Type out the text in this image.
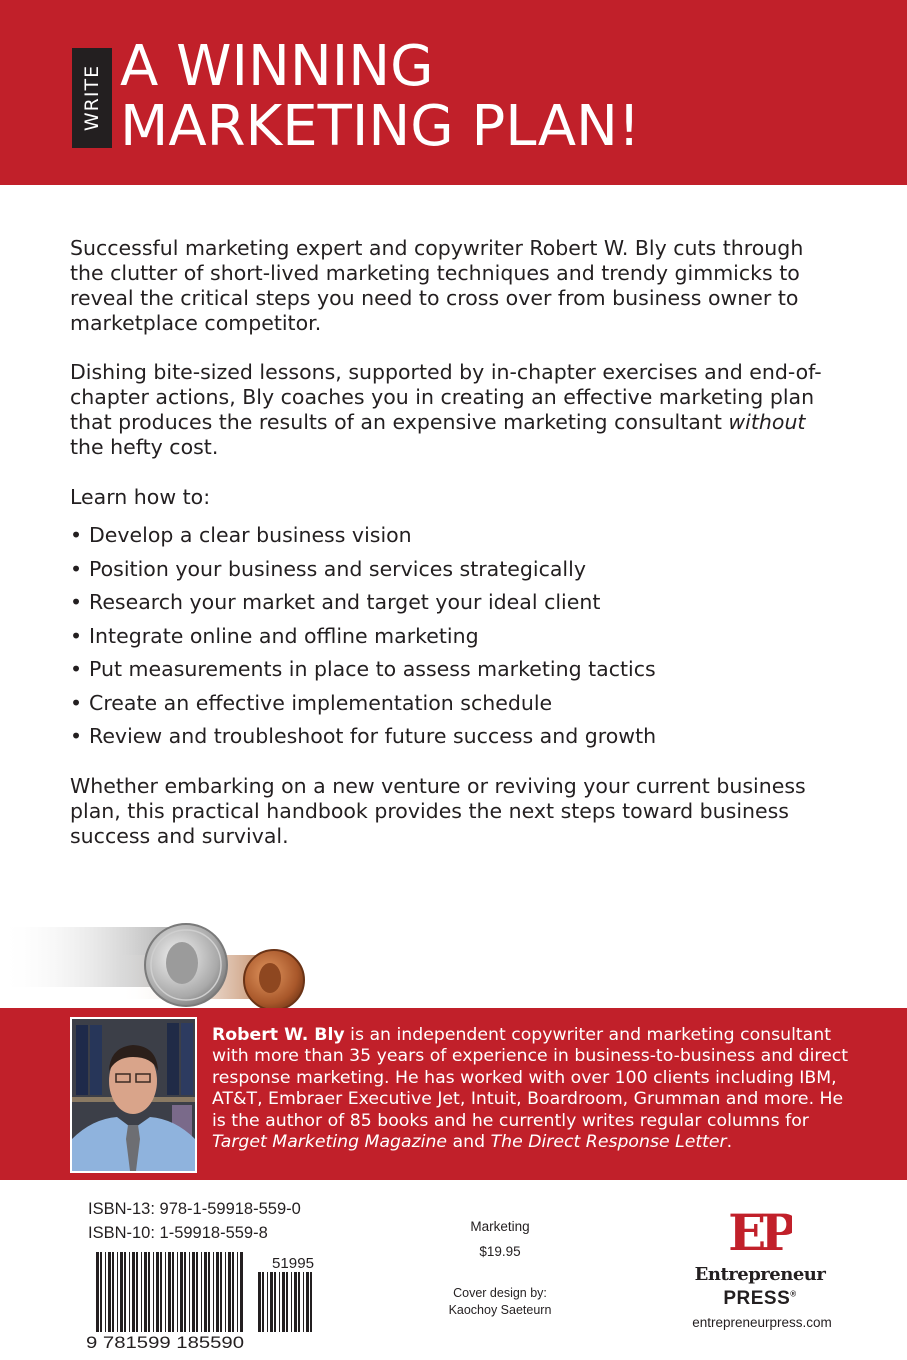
WRITE A WINNING
MARKETING PLAN!

Successful marketing expert and copywriter Robert W. Bly cuts through the clutter of short-lived marketing techniques and trendy gimmicks to reveal the critical steps you need to cross over from business owner to marketplace competitor.

Dishing bite-sized lessons, supported by in-chapter exercises and end-of-chapter actions, Bly coaches you in creating an effective marketing plan that produces the results of an expensive marketing consultant without the hefty cost.

Learn how to:

• Develop a clear business vision
• Position your business and services strategically
• Research your market and target your ideal client
• Integrate online and offline marketing
• Put measurements in place to assess marketing tactics
• Create an effective implementation schedule
• Review and troubleshoot for future success and growth

Whether embarking on a new venture or reviving your current business plan, this practical handbook provides the next steps toward business success and survival.

Robert W. Bly is an independent copywriter and marketing consultant with more than 35 years of experience in business-to-business and direct response marketing. He has worked with over 100 clients including IBM, AT&T, Embraer Executive Jet, Intuit, Boardroom, Grumman and more. He is the author of 85 books and he currently writes regular columns for Target Marketing Magazine and The Direct Response Letter.
ISBN-13: 978-1-59918-559-0
ISBN-10: 1-59918-559-8
9 781599 185590
51995
Marketing
$19.95
Cover design by:
Kaochoy Saeteurn
EP
Entrepreneur
PRESS®
entrepreneurpress.com
